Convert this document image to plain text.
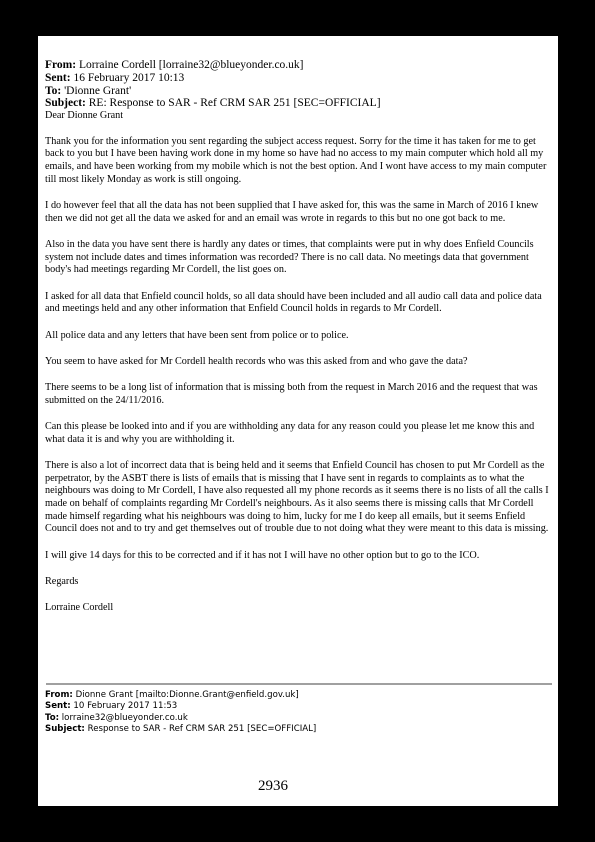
From: Lorraine Cordell [lorraine32@blueyonder.co.uk]
Sent: 16 February 2017 10:13
To: 'Dionne Grant'
Subject: RE: Response to SAR - Ref CRM SAR 251 [SEC=OFFICIAL]
Dear Dionne Grant

Thank you for the information you sent regarding the subject access request. Sorry for the time it has taken for me to get back to you but I have been having work done in my home so have had no access to my main computer which hold all my emails, and have been working from my mobile which is not the best option. And I wont have access to my main computer till most likely Monday as work is still ongoing.

I do however feel that all the data has not been supplied that I have asked for, this was the same in March of 2016 I knew then we did not get all the data we asked for and an email was wrote in regards to this but no one got back to me.

Also in the data you have sent there is hardly any dates or times, that complaints were put in why does Enfield Councils system not include dates and times information was recorded? There is no call data. No meetings data that government body's had meetings regarding Mr Cordell, the list goes on.

I asked for all data that Enfield council holds, so all data should have been included and all audio call data and police data and meetings held and any other information that Enfield Council holds in regards to Mr Cordell.

All police data and any letters that have been sent from police or to police.

You seem to have asked for Mr Cordell health records who was this asked from and who gave the data?

There seems to be a long list of information that is missing both from the request in March 2016 and the request that was submitted on the 24/11/2016.

Can this please be looked into and if you are withholding any data for any reason could you please let me know this and what data it is and why you are withholding it.

There is also a lot of incorrect data that is being held and it seems that Enfield Council has chosen to put Mr Cordell as the perpetrator, by the ASBT there is lists of emails that is missing that I have sent in regards to complaints as to what the neighbours was doing to Mr Cordell, I have also requested all my phone records as it seems there is no lists of all the calls I made on behalf of complaints regarding Mr Cordell's neighbours. As it also seems there is missing calls that Mr Cordell made himself regarding what his neighbours was doing to him, lucky for me I do keep all emails, but it seems Enfield Council does not and to try and get themselves out of trouble due to not doing what they were meant to this data is missing.

I will give 14 days for this to be corrected and if it has not I will have no other option but to go to the ICO.

Regards

Lorraine Cordell

From: Dionne Grant [mailto:Dionne.Grant@enfield.gov.uk]
Sent: 10 February 2017 11:53
To: lorraine32@blueyonder.co.uk
Subject: Response to SAR - Ref CRM SAR 251 [SEC=OFFICIAL]
2936
